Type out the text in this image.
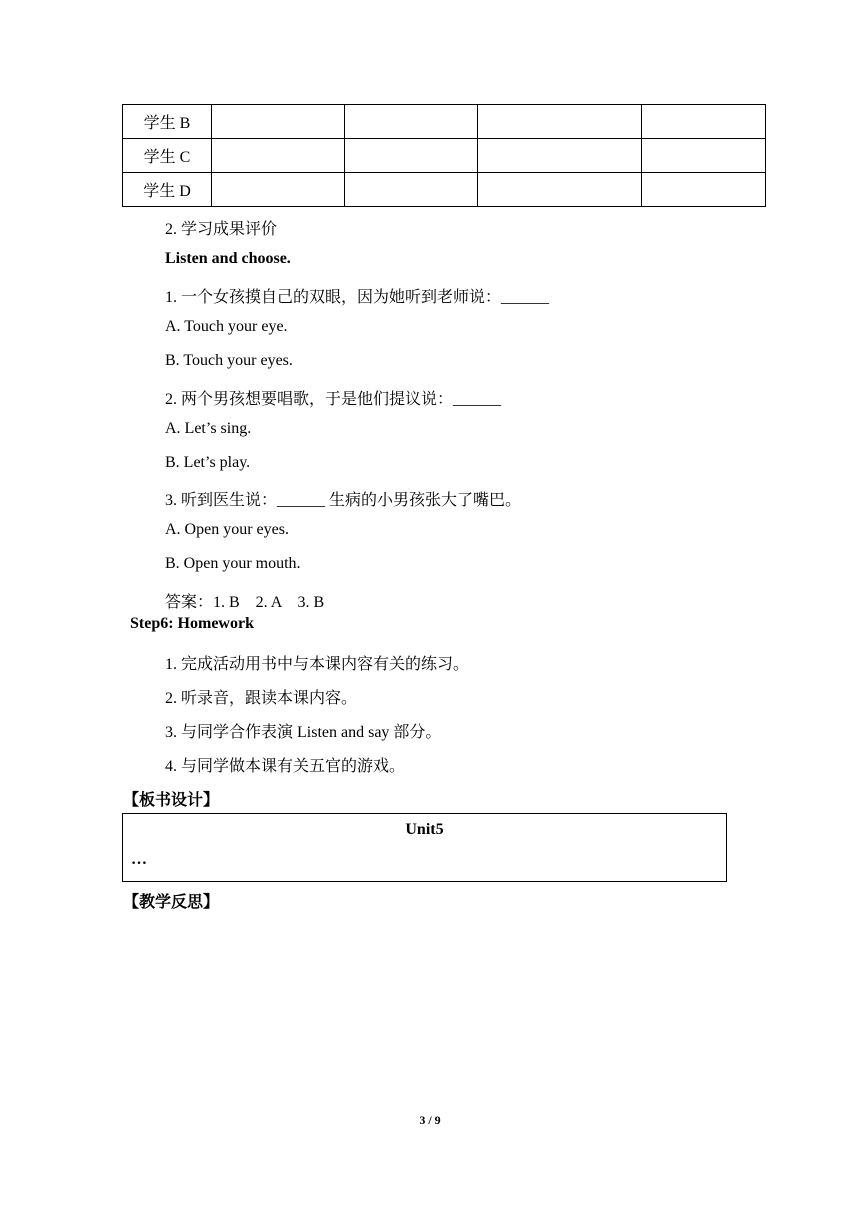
学生 B				
学生 C				
学生 D				
2. 学习成果评价
Listen and choose.
1. 一个女孩摸自己的双眼，因为她听到老师说：______
A. Touch your eye.
B. Touch your eyes.
2. 两个男孩想要唱歌，于是他们提议说：______
A. Let’s sing.
B. Let’s play.
3. 听到医生说：______ 生病的小男孩张大了嘴巴。
A. Open your eyes.
B. Open your mouth.
答案：1. B    2. A    3. B
Step6: Homework
1. 完成活动用书中与本课内容有关的练习。
2. 听录音，跟读本课内容。
3. 与同学合作表演 Listen and say 部分。
4. 与同学做本课有关五官的游戏。
【板书设计】
Unit5
…
【教学反思】
3 / 9
